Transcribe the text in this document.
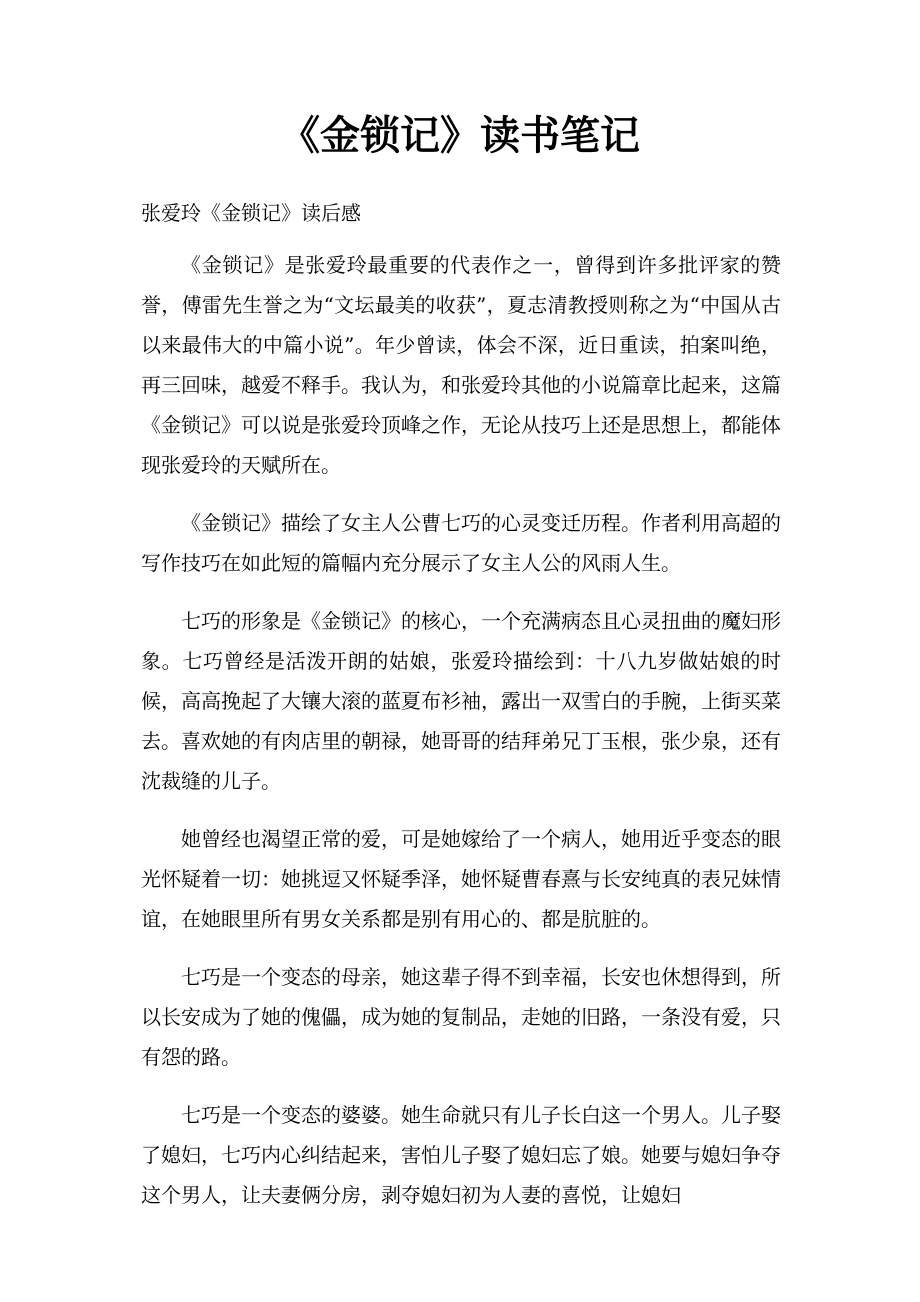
《金锁记》读书笔记

张爱玲《金锁记》读后感

《金锁记》是张爱玲最重要的代表作之一，曾得到许多批评家的赞誉，傅雷先生誉之为“文坛最美的收获”，夏志清教授则称之为“中国从古以来最伟大的中篇小说”。年少曾读，体会不深，近日重读，拍案叫绝，再三回味，越爱不释手。我认为，和张爱玲其他的小说篇章比起来，这篇《金锁记》可以说是张爱玲顶峰之作，无论从技巧上还是思想上，都能体现张爱玲的天赋所在。

《金锁记》描绘了女主人公曹七巧的心灵变迁历程。作者利用高超的写作技巧在如此短的篇幅内充分展示了女主人公的风雨人生。

七巧的形象是《金锁记》的核心，一个充满病态且心灵扭曲的魔妇形象。七巧曾经是活泼开朗的姑娘，张爱玲描绘到：十八九岁做姑娘的时候，高高挽起了大镶大滚的蓝夏布衫袖，露出一双雪白的手腕，上街买菜去。喜欢她的有肉店里的朝禄，她哥哥的结拜弟兄丁玉根，张少泉，还有沈裁缝的儿子。

她曾经也渴望正常的爱，可是她嫁给了一个病人，她用近乎变态的眼光怀疑着一切：她挑逗又怀疑季泽，她怀疑曹春熹与长安纯真的表兄妹情谊，在她眼里所有男女关系都是别有用心的、都是肮脏的。

七巧是一个变态的母亲，她这辈子得不到幸福，长安也休想得到，所以长安成为了她的傀儡，成为她的复制品，走她的旧路，一条没有爱，只有怨的路。

七巧是一个变态的婆婆。她生命就只有儿子长白这一个男人。儿子娶了媳妇，七巧内心纠结起来，害怕儿子娶了媳妇忘了娘。她要与媳妇争夺这个男人，让夫妻俩分房，剥夺媳妇初为人妻的喜悦，让媳妇
